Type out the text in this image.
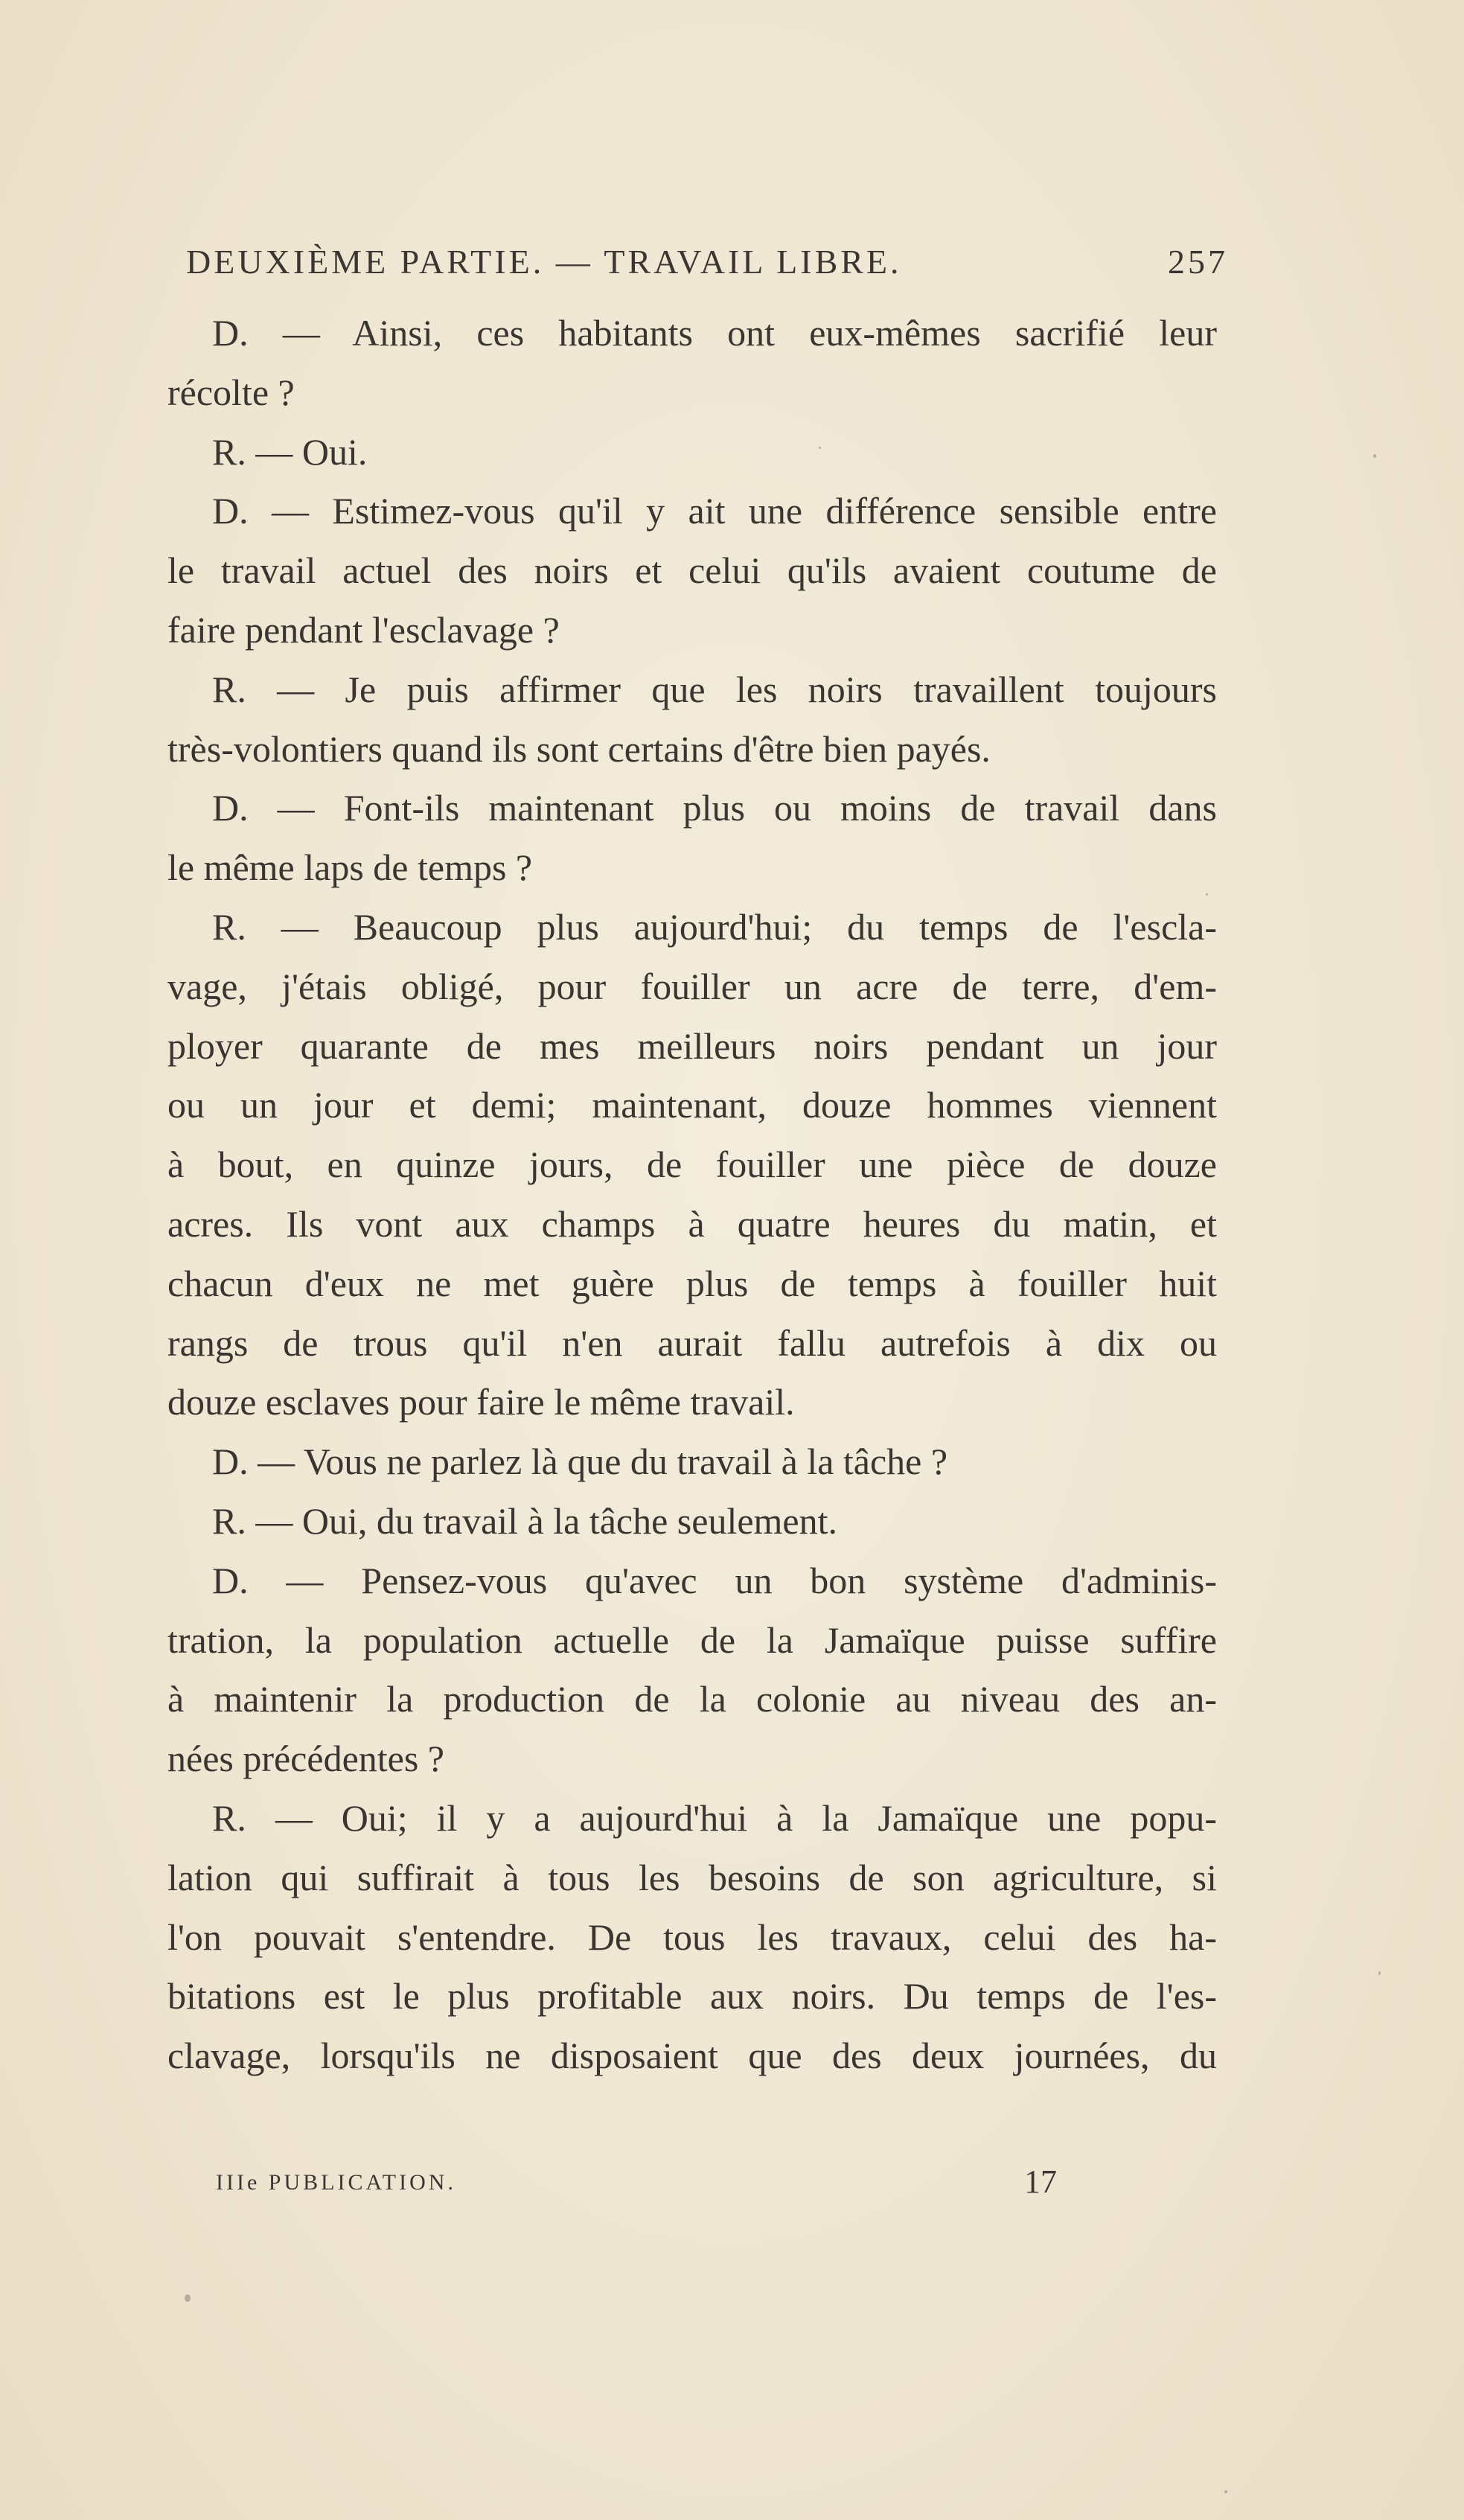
DEUXIÈME PARTIE. — TRAVAIL LIBRE.	257
D. — Ainsi, ces habitants ont eux-mêmes sacrifié leur
récolte ?
R. — Oui.
D. — Estimez-vous qu'il y ait une différence sensible entre
le travail actuel des noirs et celui qu'ils avaient coutume de
faire pendant l'esclavage ?
R. — Je puis affirmer que les noirs travaillent toujours
très-volontiers quand ils sont certains d'être bien payés.
D. — Font-ils maintenant plus ou moins de travail dans
le même laps de temps ?
R. — Beaucoup plus aujourd'hui; du temps de l'escla-
vage, j'étais obligé, pour fouiller un acre de terre, d'em-
ployer quarante de mes meilleurs noirs pendant un jour
ou un jour et demi; maintenant, douze hommes viennent
à bout, en quinze jours, de fouiller une pièce de douze
acres. Ils vont aux champs à quatre heures du matin, et
chacun d'eux ne met guère plus de temps à fouiller huit
rangs de trous qu'il n'en aurait fallu autrefois à dix ou
douze esclaves pour faire le même travail.
D. — Vous ne parlez là que du travail à la tâche ?
R. — Oui, du travail à la tâche seulement.
D. — Pensez-vous qu'avec un bon système d'adminis-
tration, la population actuelle de la Jamaïque puisse suffire
à maintenir la production de la colonie au niveau des an-
nées précédentes ?
R. — Oui; il y a aujourd'hui à la Jamaïque une popu-
lation qui suffirait à tous les besoins de son agriculture, si
l'on pouvait s'entendre. De tous les travaux, celui des ha-
bitations est le plus profitable aux noirs. Du temps de l'es-
clavage, lorsqu'ils ne disposaient que des deux journées, du
IIIe PUBLICATION.	17
